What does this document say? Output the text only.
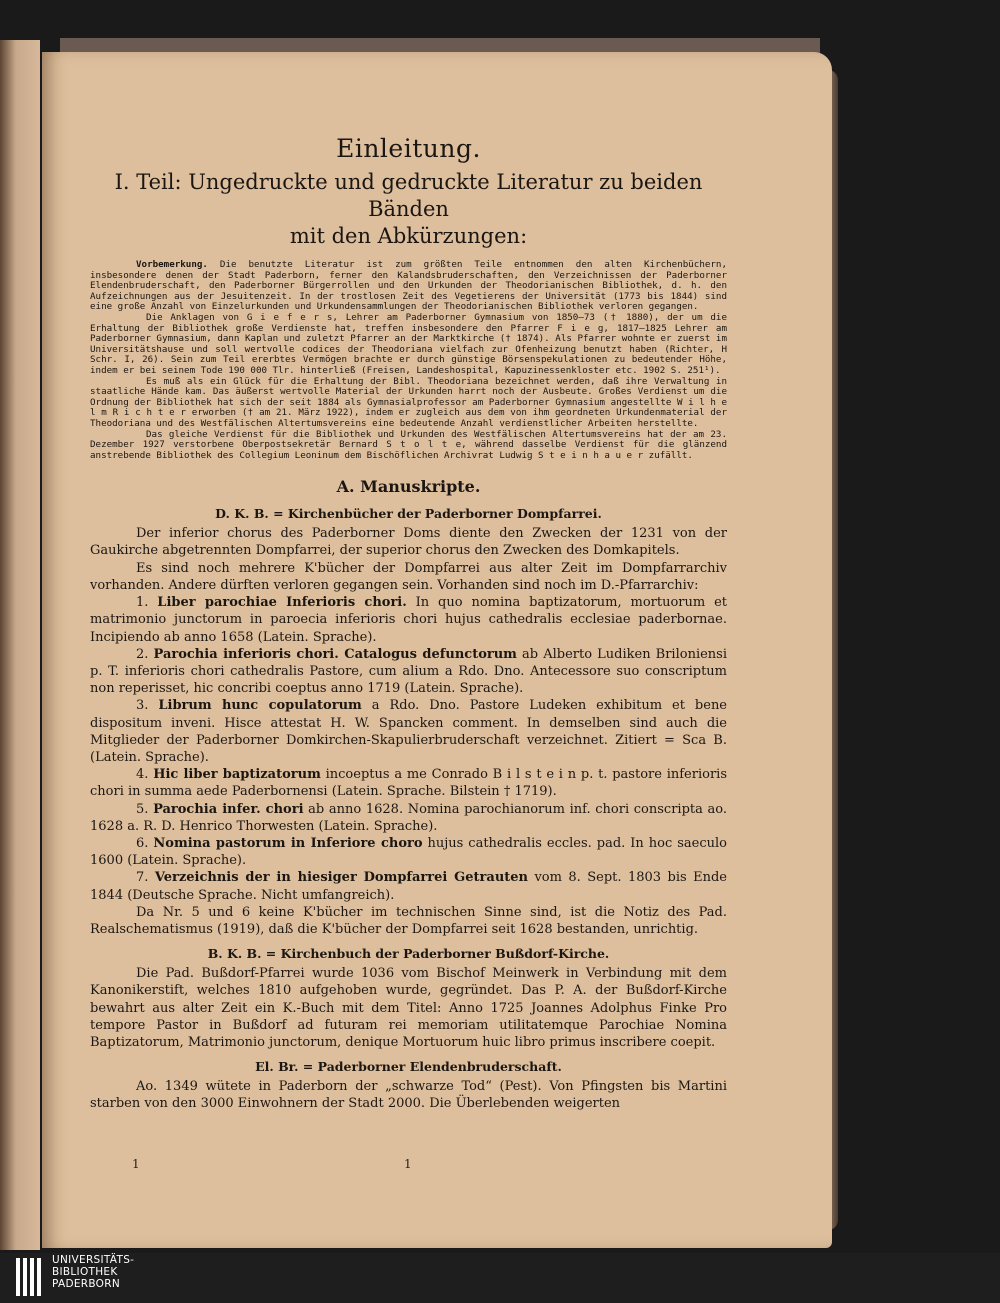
Einleitung.
I. Teil: Ungedruckte und gedruckte Literatur zu beiden Bänden
mit den Abkürzungen:

Vorbemerkung. Die benutzte Literatur ist zum größten Teile entnommen den alten Kirchenbüchern, insbesondere denen der Stadt Paderborn, ferner den Kalandsbruderschaften, den Verzeichnissen der Paderborner Elendenbruderschaft, den Paderborner Bürgerrollen und den Urkunden der Theodorianischen Bibliothek, d. h. den Aufzeichnungen aus der Jesuitenzeit. In der trostlosen Zeit des Vegetierens der Universität (1773 bis 1844) sind eine große Anzahl von Einzelurkunden und Urkundensammlungen der Theodorianischen Bibliothek verloren gegangen.

Die Anklagen von G i e f e r s, Lehrer am Paderborner Gymnasium von 1850—73 († 1880), der um die Erhaltung der Bibliothek große Verdienste hat, treffen insbesondere den Pfarrer F i e g, 1817—1825 Lehrer am Paderborner Gymnasium, dann Kaplan und zuletzt Pfarrer an der Marktkirche († 1874). Als Pfarrer wohnte er zuerst im Universitätshause und soll wertvolle codices der Theodoriana vielfach zur Ofenheizung benutzt haben (Richter, H Schr. I, 26). Sein zum Teil ererbtes Vermögen brachte er durch günstige Börsenspekulationen zu bedeutender Höhe, indem er bei seinem Tode 190 000 Tlr. hinterließ (Freisen, Landeshospital, Kapuzinessenkloster etc. 1902 S. 251¹).

Es muß als ein Glück für die Erhaltung der Bibl. Theodoriana bezeichnet werden, daß ihre Verwaltung in staatliche Hände kam. Das äußerst wertvolle Material der Urkunden harrt noch der Ausbeute. Großes Verdienst um die Ordnung der Bibliothek hat sich der seit 1884 als Gymnasialprofessor am Paderborner Gymnasium angestellte W i l h e l m R i c h t e r erworben († am 21. März 1922), indem er zugleich aus dem von ihm geordneten Urkundenmaterial der Theodoriana und des Westfälischen Altertumsvereins eine bedeutende Anzahl verdienstlicher Arbeiten herstellte.

Das gleiche Verdienst für die Bibliothek und Urkunden des Westfälischen Altertumsvereins hat der am 23. Dezember 1927 verstorbene Oberpostsekretär Bernard S t o l t e, während dasselbe Verdienst für die glänzend anstrebende Bibliothek des Collegium Leoninum dem Bischöflichen Archivrat Ludwig S t e i n h a u e r zufällt.

A. Manuskripte.
D. K. B. = Kirchenbücher der Paderborner Dompfarrei.

Der inferior chorus des Paderborner Doms diente den Zwecken der 1231 von der Gaukirche abgetrennten Dompfarrei, der superior chorus den Zwecken des Domkapitels.

Es sind noch mehrere K'bücher der Dompfarrei aus alter Zeit im Dompfarrarchiv vorhanden. Andere dürften verloren gegangen sein. Vorhanden sind noch im D.-Pfarrarchiv:

1. Liber parochiae Inferioris chori. In quo nomina baptizatorum, mortuorum et matrimonio junctorum in paroecia inferioris chori hujus cathedralis ecclesiae paderbornae. Incipiendo ab anno 1658 (Latein. Sprache).

2. Parochia inferioris chori. Catalogus defunctorum ab Alberto Ludiken Briloniensi p. T. inferioris chori cathedralis Pastore, cum alium a Rdo. Dno. Antecessore suo conscriptum non reperisset, hic concribi coeptus anno 1719 (Latein. Sprache).

3. Librum hunc copulatorum a Rdo. Dno. Pastore Ludeken exhibitum et bene dispositum inveni. Hisce attestat H. W. Spancken comment. In demselben sind auch die Mitglieder der Paderborner Domkirchen-Skapulierbruderschaft verzeichnet. Zitiert = Sca B. (Latein. Sprache).

4. Hic liber baptizatorum incoeptus a me Conrado B i l s t e i n p. t. pastore inferioris chori in summa aede Paderbornensi (Latein. Sprache. Bilstein † 1719).

5. Parochia infer. chori ab anno 1628. Nomina parochianorum inf. chori conscripta ao. 1628 a. R. D. Henrico Thorwesten (Latein. Sprache).

6. Nomina pastorum in Inferiore choro hujus cathedralis eccles. pad. In hoc saeculo 1600 (Latein. Sprache).

7. Verzeichnis der in hiesiger Dompfarrei Getrauten vom 8. Sept. 1803 bis Ende 1844 (Deutsche Sprache. Nicht umfangreich).

Da Nr. 5 und 6 keine K'bücher im technischen Sinne sind, ist die Notiz des Pad. Realschematismus (1919), daß die K'bücher der Dompfarrei seit 1628 bestanden, unrichtig.

B. K. B. = Kirchenbuch der Paderborner Bußdorf-Kirche.

Die Pad. Bußdorf-Pfarrei wurde 1036 vom Bischof Meinwerk in Verbindung mit dem Kanonikerstift, welches 1810 aufgehoben wurde, gegründet. Das P. A. der Bußdorf-Kirche bewahrt aus alter Zeit ein K.-Buch mit dem Titel: Anno 1725 Joannes Adolphus Finke Pro tempore Pastor in Bußdorf ad futuram rei memoriam utilitatemque Parochiae Nomina Baptizatorum, Matrimonio junctorum, denique Mortuorum huic libro primus inscribere coepit.

El. Br. = Paderborner Elendenbruderschaft.

Ao. 1349 wütete in Paderborn der „schwarze Tod“ (Pest). Von Pfingsten bis Martini starben von den 3000 Einwohnern der Stadt 2000. Die Überlebenden weigerten

1	1
UNIVERSITÄTS-
BIBLIOTHEK
PADERBORN
